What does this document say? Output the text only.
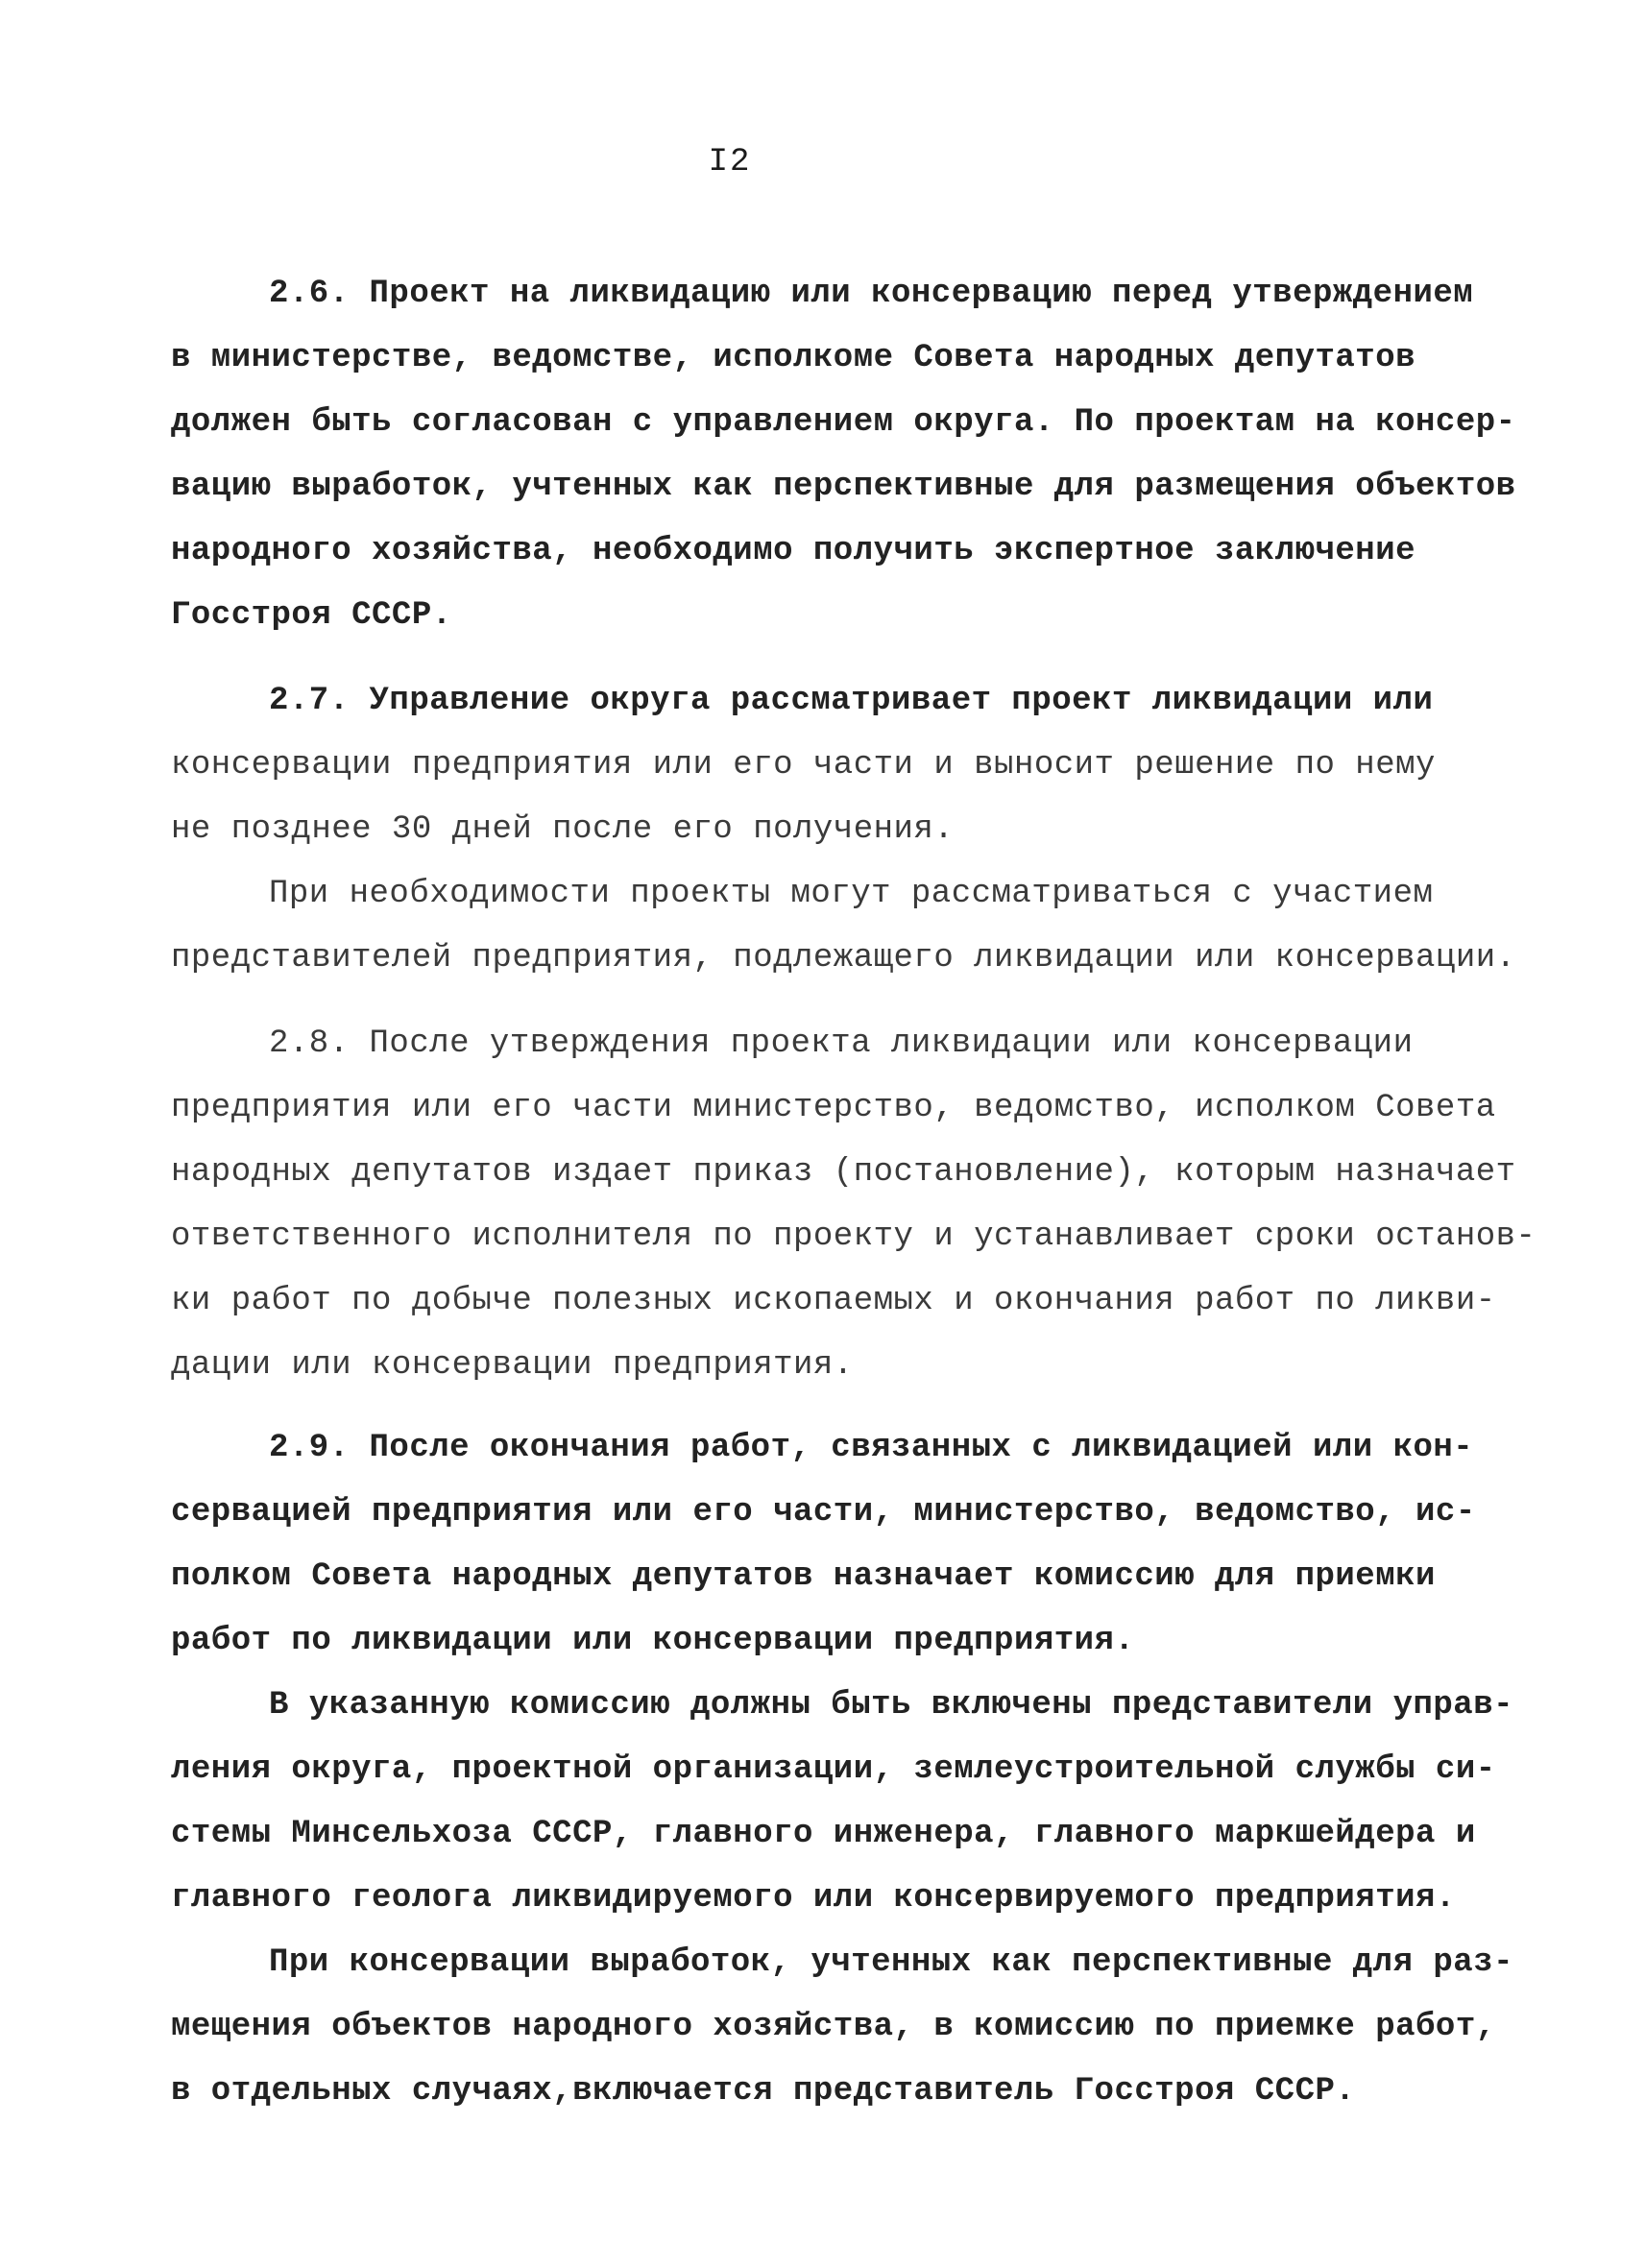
I2
2.6. Проект на ликвидацию или консервацию перед утверждением
в министерстве, ведомстве, исполкоме Совета народных депутатов
должен быть согласован с управлением округа. По проектам на консер-
вацию выработок, учтенных как перспективные для размещения объектов
народного хозяйства, необходимо получить экспертное заключение
Госстроя СССР.
2.7. Управление округа рассматривает проект ликвидации или
консервации предприятия или его части и выносит решение по нему
не позднее 30 дней после его получения.
При необходимости проекты могут рассматриваться с участием
представителей предприятия, подлежащего ликвидации или консервации.
2.8. После утверждения проекта ликвидации или консервации
предприятия или его части министерство, ведомство, исполком Совета
народных депутатов издает приказ (постановление), которым назначает
ответственного исполнителя по проекту и устанавливает сроки останов-
ки работ по добыче полезных ископаемых и окончания работ по ликви-
дации или консервации предприятия.
2.9. После окончания работ, связанных с ликвидацией или кон-
сервацией предприятия или его части, министерство, ведомство, ис-
полком Совета народных депутатов назначает комиссию для приемки
работ по ликвидации или консервации предприятия.
В указанную комиссию должны быть включены представители управ-
ления округа, проектной организации, землеустроительной службы си-
стемы Минсельхоза СССР, главного инженера, главного маркшейдера и
главного геолога ликвидируемого или консервируемого предприятия.
При консервации выработок, учтенных как перспективные для раз-
мещения объектов народного хозяйства, в комиссию по приемке работ,
в отдельных случаях,включается представитель Госстроя СССР.
